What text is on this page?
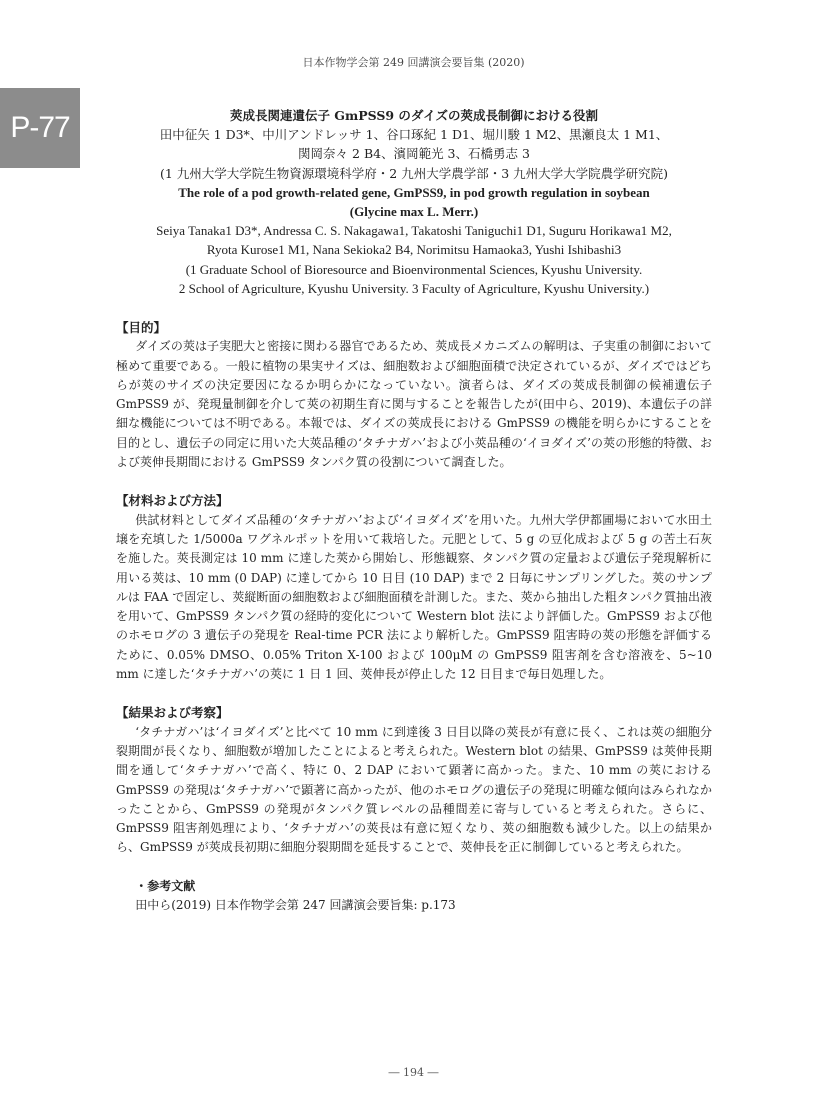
日本作物学会第 249 回講演会要旨集 (2020)
P-77	莢成長関連遺伝子 GmPSS9 のダイズの莢成長制御における役割
田中征矢 1 D3*、中川アンドレッサ 1、谷口琢紀 1 D1、堀川駿 1 M2、黒瀬良太 1 M1、
関岡奈々 2 B4、濱岡範光 3、石橋勇志 3
(1 九州大学大学院生物資源環境科学府・2 九州大学農学部・3 九州大学大学院農学研究院)
The role of a pod growth-related gene, GmPSS9, in pod growth regulation in soybean
(Glycine max L. Merr.)
Seiya Tanaka1 D3*, Andressa C. S. Nakagawa1, Takatoshi Taniguchi1 D1, Suguru Horikawa1 M2,
Ryota Kurose1 M1, Nana Sekioka2 B4, Norimitsu Hamaoka3, Yushi Ishibashi3
(1 Graduate School of Bioresource and Bioenvironmental Sciences, Kyushu University.
2 School of Agriculture, Kyushu University. 3 Faculty of Agriculture, Kyushu University.)
【目的】

ダイズの莢は子実肥大と密接に関わる器官であるため、莢成長メカニズムの解明は、子実重の制御において極めて重要である。一般に植物の果実サイズは、細胞数および細胞面積で決定されているが、ダイズではどちらが莢のサイズの決定要因になるか明らかになっていない。演者らは、ダイズの莢成長制御の候補遺伝子 GmPSS9 が、発現量制御を介して莢の初期生育に関与することを報告したが(田中ら、2019)、本遺伝子の詳細な機能については不明である。本報では、ダイズの莢成長における GmPSS9 の機能を明らかにすることを目的とし、遺伝子の同定に用いた大莢品種の‘タチナガハ’および小莢品種の‘イヨダイズ’の莢の形態的特徴、および莢伸長期間における GmPSS9 タンパク質の役割について調査した。

【材料および方法】

供試材料としてダイズ品種の‘タチナガハ’および‘イヨダイズ’を用いた。九州大学伊都圃場において水田土壌を充填した 1/5000a ワグネルポットを用いて栽培した。元肥として、5 g の豆化成および 5 g の苦土石灰を施した。莢長測定は 10 mm に達した莢から開始し、形態観察、タンパク質の定量および遺伝子発現解析に用いる莢は、10 mm (0 DAP) に達してから 10 日目 (10 DAP) まで 2 日毎にサンプリングした。莢のサンプルは FAA で固定し、莢縦断面の細胞数および細胞面積を計測した。また、莢から抽出した粗タンパク質抽出液を用いて、GmPSS9 タンパク質の経時的変化について Western blot 法により評価した。GmPSS9 および他のホモログの 3 遺伝子の発現を Real-time PCR 法により解析した。GmPSS9 阻害時の莢の形態を評価するために、0.05% DMSO、0.05% Triton X-100 および 100μM の GmPSS9 阻害剤を含む溶液を、5~10 mm に達した‘タチナガハ’の莢に 1 日 1 回、莢伸長が停止した 12 日目まで毎日処理した。

【結果および考察】

‘タチナガハ’は‘イヨダイズ’と比べて 10 mm に到達後 3 日目以降の莢長が有意に長く、これは莢の細胞分裂期間が長くなり、細胞数が増加したことによると考えられた。Western blot の結果、GmPSS9 は莢伸長期間を通して‘タチナガハ’で高く、特に 0、2 DAP において顕著に高かった。また、10 mm の莢における GmPSS9 の発現は‘タチナガハ’で顕著に高かったが、他のホモログの遺伝子の発現に明確な傾向はみられなかったことから、GmPSS9 の発現がタンパク質レベルの品種間差に寄与していると考えられた。さらに、GmPSS9 阻害剤処理により、‘タチナガハ’の莢長は有意に短くなり、莢の細胞数も減少した。以上の結果から、GmPSS9 が莢成長初期に細胞分裂期間を延長することで、莢伸長を正に制御していると考えられた。

・参考文献

田中ら(2019) 日本作物学会第 247 回講演会要旨集: p.173

― 194 ―
